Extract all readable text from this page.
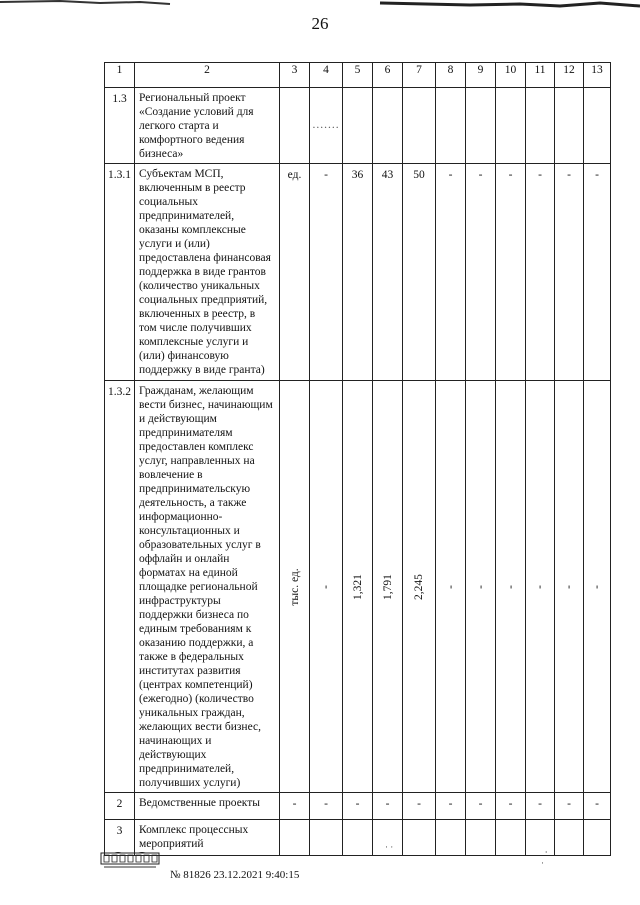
26
1	2	3	4	5	6	7	8	9	10	11	12	13
1.3	Региональный проект «Создание условий для легкого старта и комфортного ведения бизнеса»		.......									
1.3.1	Субъектам МСП, включенным в реестр социальных предпринимателей, оказаны комплексные услуги и (или) предоставлена финансовая поддержка в виде грантов (количество уникальных социальных предприятий, включенных в реестр, в том числе получивших комплексные услуги и (или) финансовую поддержку в виде гранта)	ед.	-	36	43	50	-	-	-	-	-	-
1.3.2	Гражданам, желающим вести бизнес, начинающим и действующим предпринимателям предоставлен комплекс услуг, направленных на вовлечение в предпринимательскую деятельность, а также информационно-консультационных и образовательных услуг в оффлайн и онлайн форматах на единой площадке региональной инфраструктуры поддержки бизнеса по единым требованиям к оказанию поддержки, а также в федеральных институтах развития (центрах компетенций) (ежегодно) (количество уникальных граждан, желающих вести бизнес, начинающих и действующих предпринимателей, получивших услуги)	тыс. ед.	-	1,321	1,791	2,245	-	-	-	-	-	-

2	Ведомственные проекты	-	-	-	-	-	-	-	-	-	-	-
3	Комплекс процессных мероприятий												· ·	⸱
·
№ 81826 23.12.2021 9:40:15
